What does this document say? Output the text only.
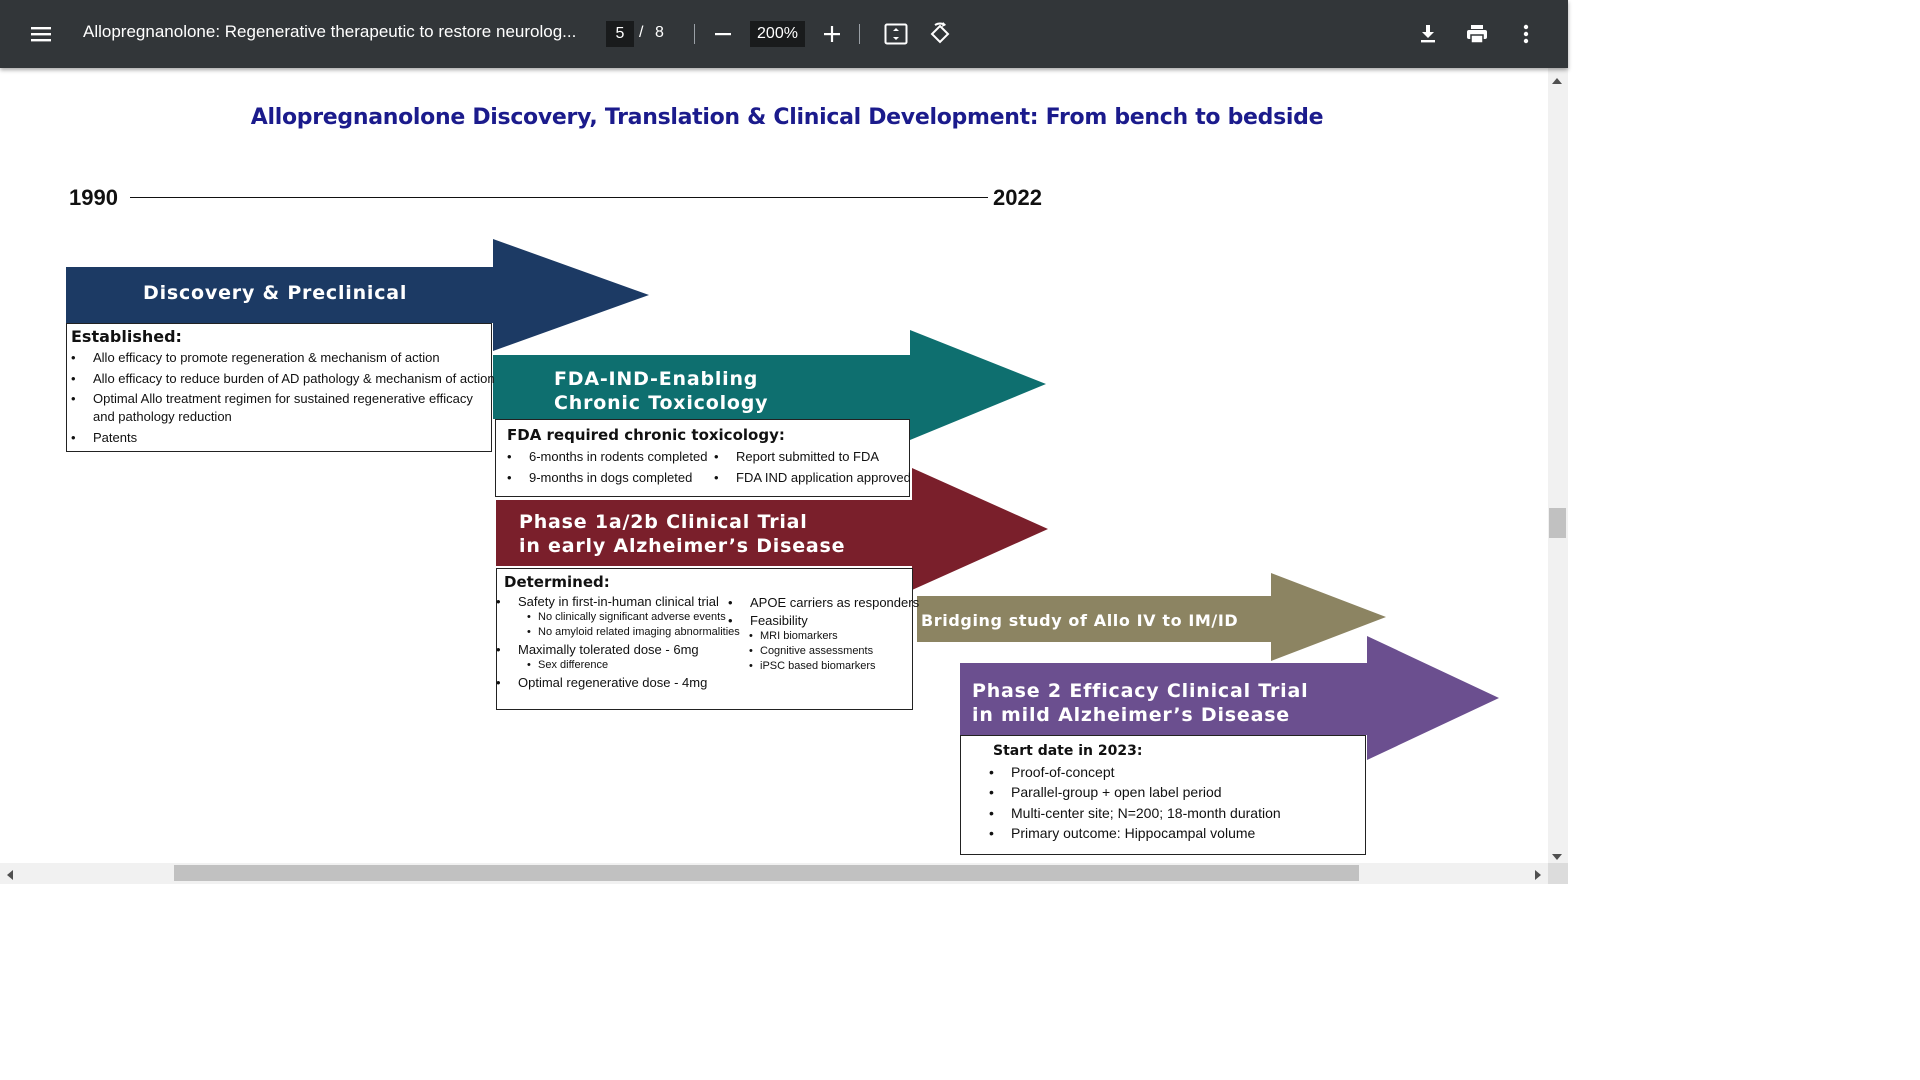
Allopregnanolone: Regenerative therapeutic to restore neurolog...	5 / 8	200%
Allopregnanolone Discovery, Translation & Clinical Development: From bench to bedside
1990	2022
Discovery & Preclinical
Established:
• Allo efficacy to promote regeneration & mechanism of action
• Allo efficacy to reduce burden of AD pathology & mechanism of action
• Optimal Allo treatment regimen for sustained regenerative efficacy
and pathology reduction
• Patents
FDA-IND-Enabling
Chronic Toxicology
FDA required chronic toxicology:
• 6-months in rodents completed
• 9-months in dogs completed
• Report submitted to FDA
• FDA IND application approved
Phase 1a/2b Clinical Trial
in early Alzheimer’s Disease
Determined:
• Safety in first-in-human clinical trial
• No clinically significant adverse events
• No amyloid related imaging abnormalities
• Maximally tolerated dose - 6mg
• Sex difference
• Optimal regenerative dose - 4mg
• APOE carriers as responders
• Feasibility
• MRI biomarkers
• Cognitive assessments
• iPSC based biomarkers
Bridging study of Allo IV to IM/ID
Phase 2 Efficacy Clinical Trial
in mild Alzheimer’s Disease
Start date in 2023:
• Proof-of-concept
• Parallel-group + open label period
• Multi-center site; N=200; 18-month duration
• Primary outcome: Hippocampal volume
